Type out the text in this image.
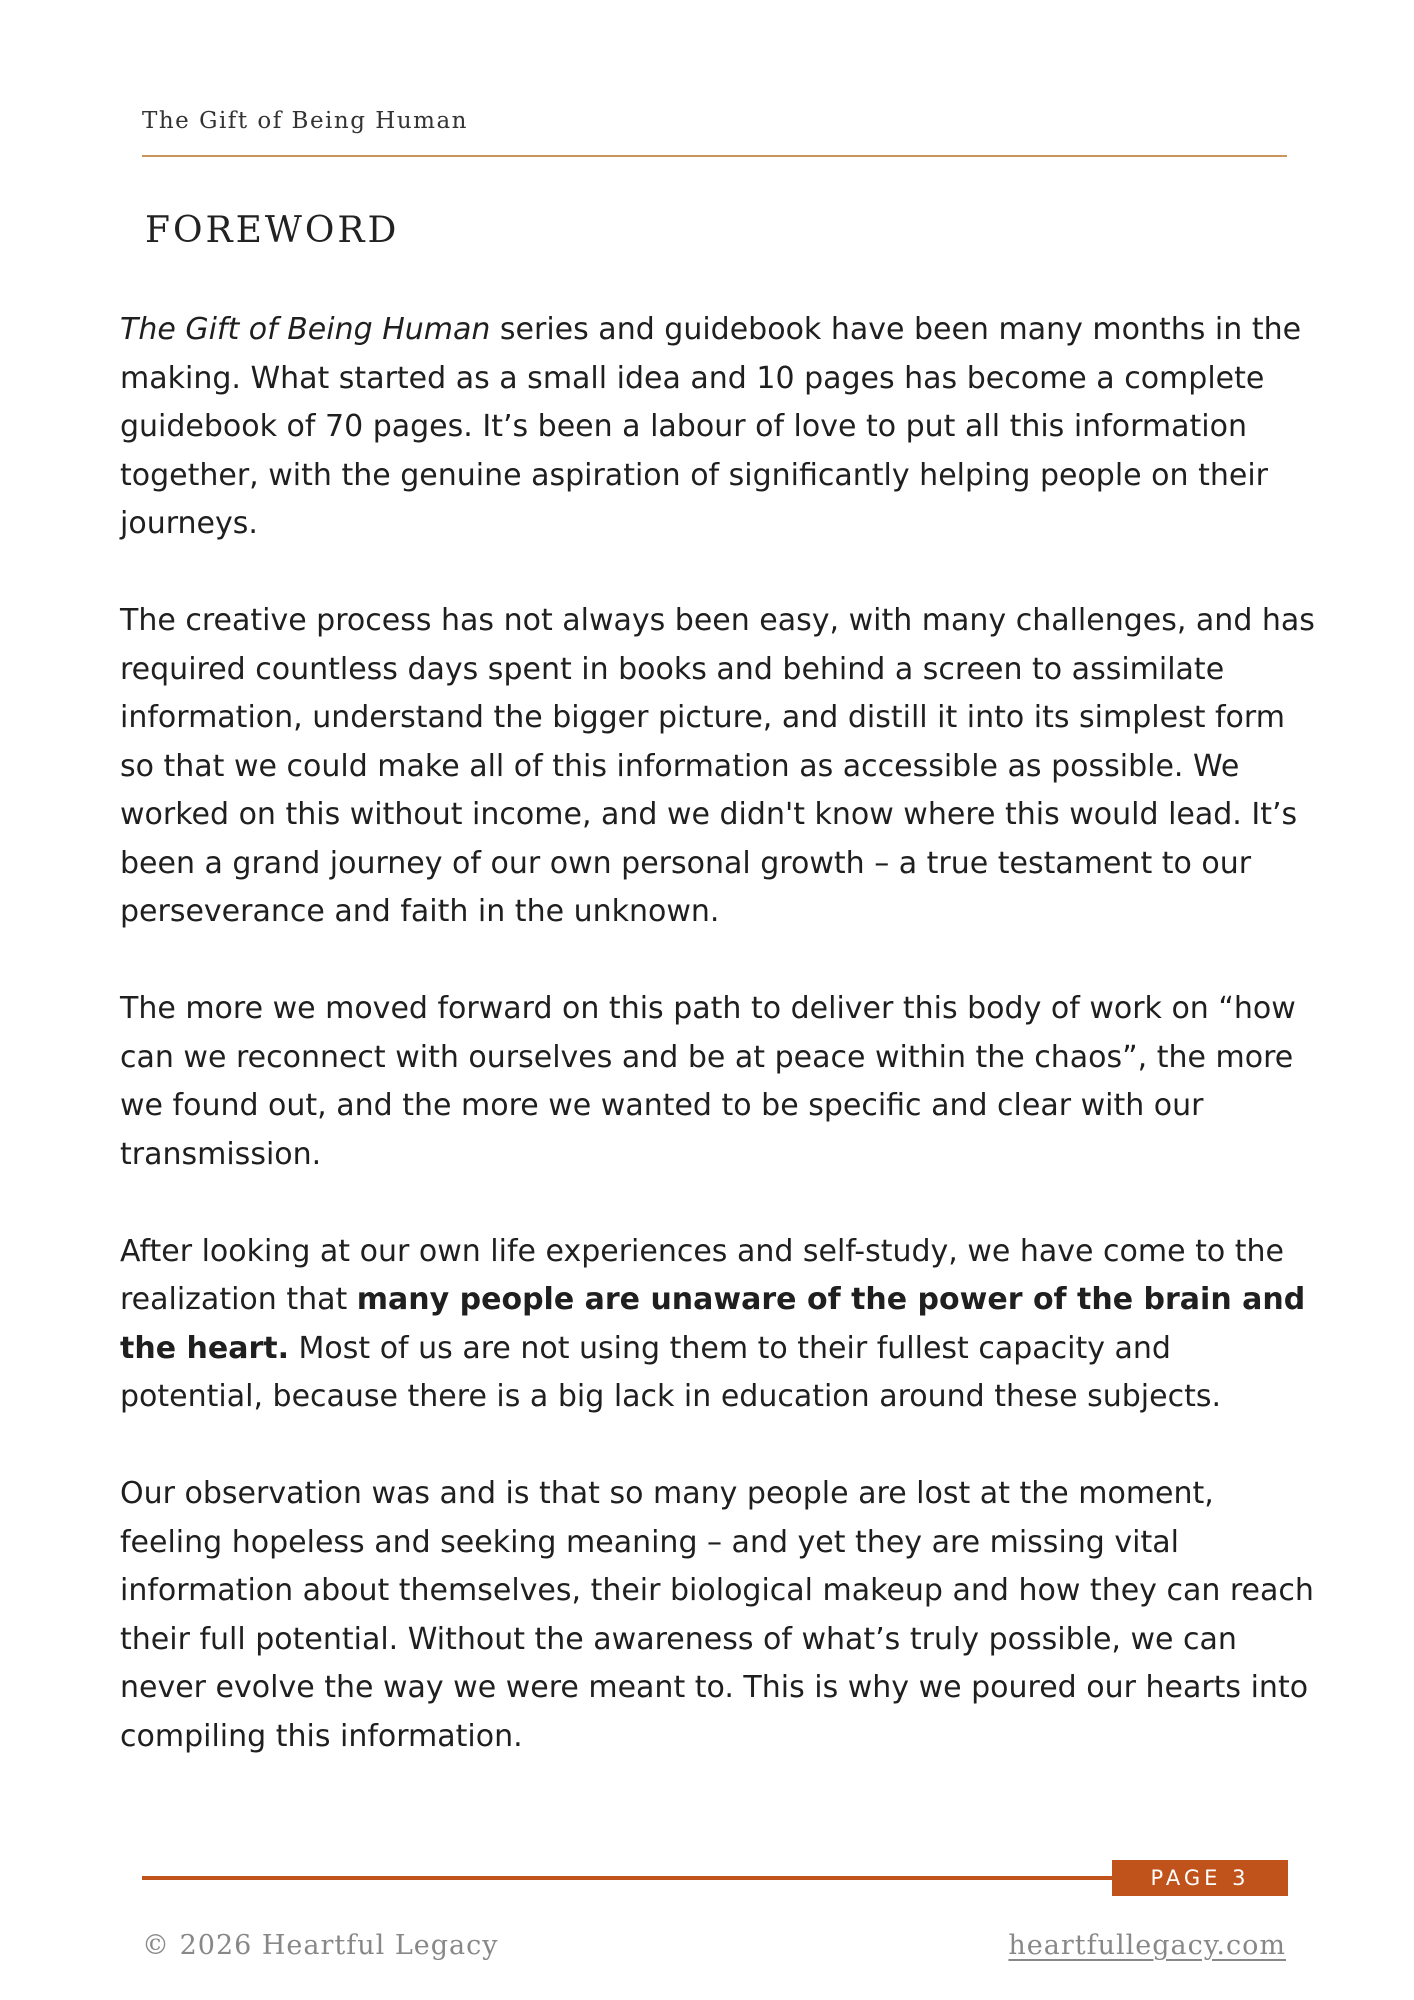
The Gift of Being Human
FOREWORD

The Gift of Being Human series and guidebook have been many months in the making. What started as a small idea and 10 pages has become a complete guidebook of 70 pages. It’s been a labour of love to put all this information together, with the genuine aspiration of significantly helping people on their journeys.

The creative process has not always been easy, with many challenges, and has required countless days spent in books and behind a screen to assimilate information, understand the bigger picture, and distill it into its simplest form so that we could make all of this information as accessible as possible. We worked on this without income, and we didn't know where this would lead. It’s been a grand journey of our own personal growth – a true testament to our perseverance and faith in the unknown.

The more we moved forward on this path to deliver this body of work on “how can we reconnect with ourselves and be at peace within the chaos”, the more we found out, and the more we wanted to be specific and clear with our transmission.

After looking at our own life experiences and self-study, we have come to the realization that many people are unaware of the power of the brain and the heart. Most of us are not using them to their fullest capacity and potential, because there is a big lack in education around these subjects.

Our observation was and is that so many people are lost at the moment, feeling hopeless and seeking meaning – and yet they are missing vital information about themselves, their biological makeup and how they can reach their full potential. Without the awareness of what’s truly possible, we can never evolve the way we were meant to. This is why we poured our hearts into compiling this information.

PAGE 3
© 2026 Heartful Legacy	heartfullegacy.com
